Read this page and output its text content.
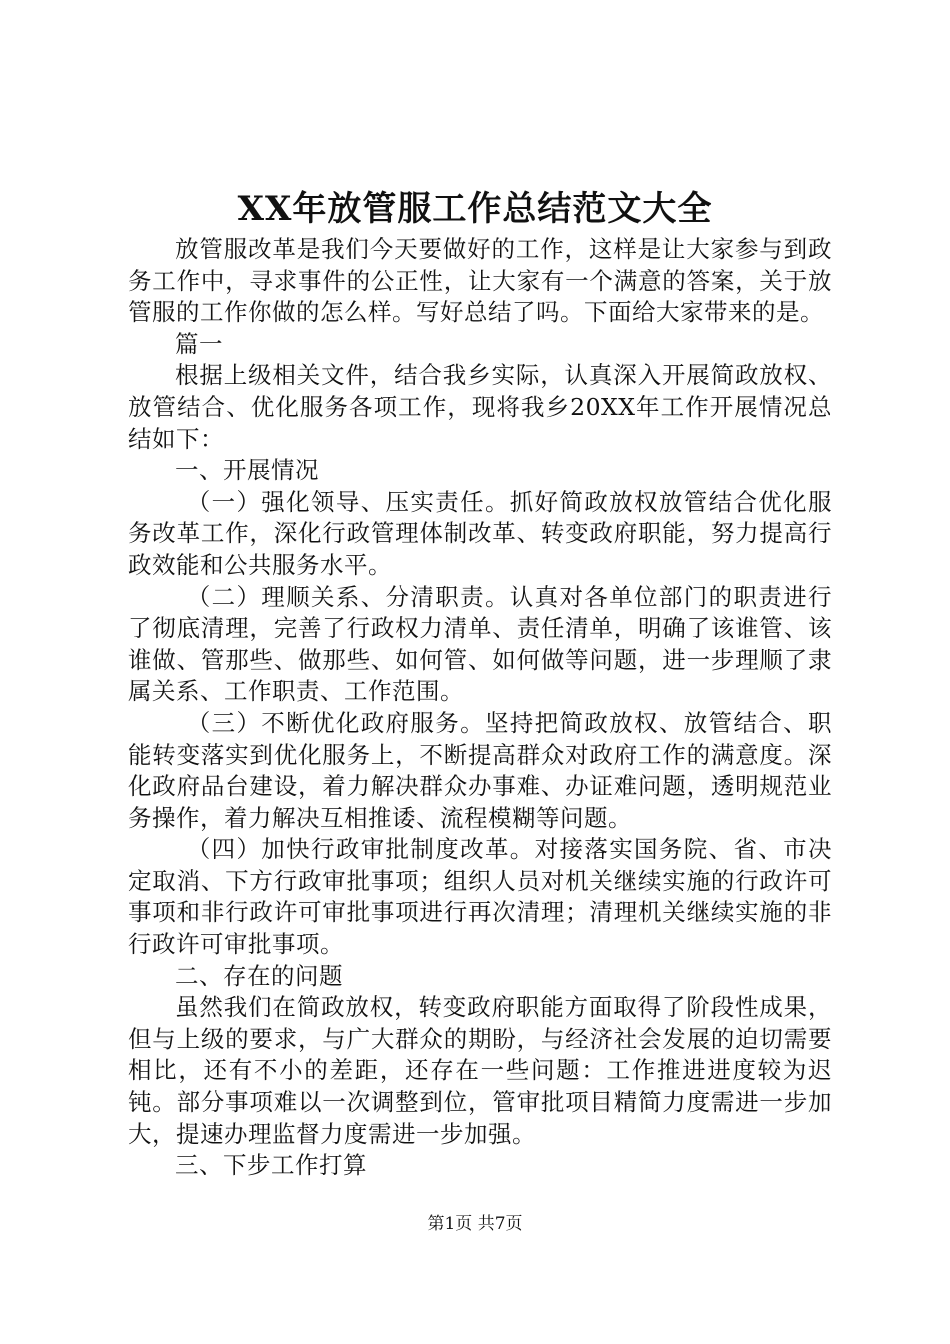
XX年放管服工作总结范文大全

放管服改革是我们今天要做好的工作，这样是让大家参与到政务工作中，寻求事件的公正性，让大家有一个满意的答案，关于放管服的工作你做的怎么样。写好总结了吗。下面给大家带来的是。

篇一

根据上级相关文件，结合我乡实际，认真深入开展简政放权、放管结合、优化服务各项工作，现将我乡20XX年工作开展情况总结如下：

一、开展情况

（一）强化领导、压实责任。抓好简政放权放管结合优化服务改革工作，深化行政管理体制改革、转变政府职能，努力提高行政效能和公共服务水平。

（二）理顺关系、分清职责。认真对各单位部门的职责进行了彻底清理，完善了行政权力清单、责任清单，明确了该谁管、该谁做、管那些、做那些、如何管、如何做等问题，进一步理顺了隶属关系、工作职责、工作范围。

（三）不断优化政府服务。坚持把简政放权、放管结合、职能转变落实到优化服务上，不断提高群众对政府工作的满意度。深化政府品台建设，着力解决群众办事难、办证难问题，透明规范业务操作，着力解决互相推诿、流程模糊等问题。

（四）加快行政审批制度改革。对接落实国务院、省、市决定取消、下方行政审批事项；组织人员对机关继续实施的行政许可事项和非行政许可审批事项进行再次清理；清理机关继续实施的非行政许可审批事项。

二、存在的问题

虽然我们在简政放权，转变政府职能方面取得了阶段性成果，但与上级的要求，与广大群众的期盼，与经济社会发展的迫切需要相比，还有不小的差距，还存在一些问题：工作推进进度较为迟钝。部分事项难以一次调整到位，管审批项目精简力度需进一步加大，提速办理监督力度需进一步加强。

三、下步工作打算

第1页 共7页
